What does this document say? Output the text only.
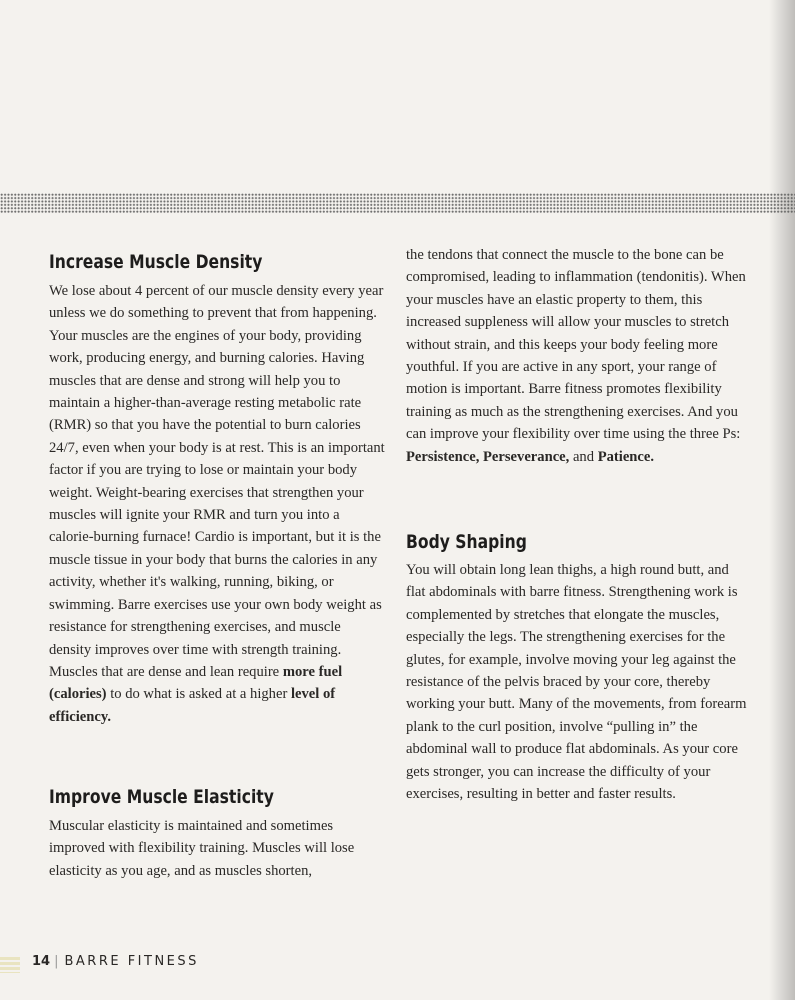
Increase Muscle Density

We lose about 4 percent of our muscle density every year unless we do something to prevent that from happening. Your muscles are the engines of your body, providing work, producing energy, and burning calories. Having muscles that are dense and strong will help you to maintain a higher-than-average resting metabolic rate (RMR) so that you have the potential to burn calories 24/7, even when your body is at rest. This is an important factor if you are trying to lose or maintain your body weight. Weight-bearing exercises that strengthen your muscles will ignite your RMR and turn you into a calorie-burning furnace! Cardio is important, but it is the muscle tissue in your body that burns the calories in any activity, whether it's walking, running, biking, or swimming. Barre exercises use your own body weight as resistance for strengthening exercises, and muscle density improves over time with strength training. Muscles that are dense and lean require more fuel (calories) to do what is asked at a higher level of efficiency.

Improve Muscle Elasticity

Muscular elasticity is maintained and sometimes improved with flexibility training. Muscles will lose elasticity as you age, and as muscles shorten,

the tendons that connect the muscle to the bone can be compromised, leading to inflammation (tendonitis). When your muscles have an elastic property to them, this increased suppleness will allow your muscles to stretch without strain, and this keeps your body feeling more youthful. If you are active in any sport, your range of motion is important. Barre fitness promotes flexibility training as much as the strengthening exercises. And you can improve your flexibility over time using the three Ps: Persistence, Perseverance, and Patience.

Body Shaping

You will obtain long lean thighs, a high round butt, and flat abdominals with barre fitness. Strengthening work is complemented by stretches that elongate the muscles, especially the legs. The strengthening exercises for the glutes, for example, involve moving your leg against the resistance of the pelvis braced by your core, thereby working your butt. Many of the movements, from forearm plank to the curl position, involve “pulling in” the abdominal wall to produce flat abdominals. As your core gets stronger, you can increase the difficulty of your exercises, resulting in better and faster results.

14 | BARRE FITNESS
